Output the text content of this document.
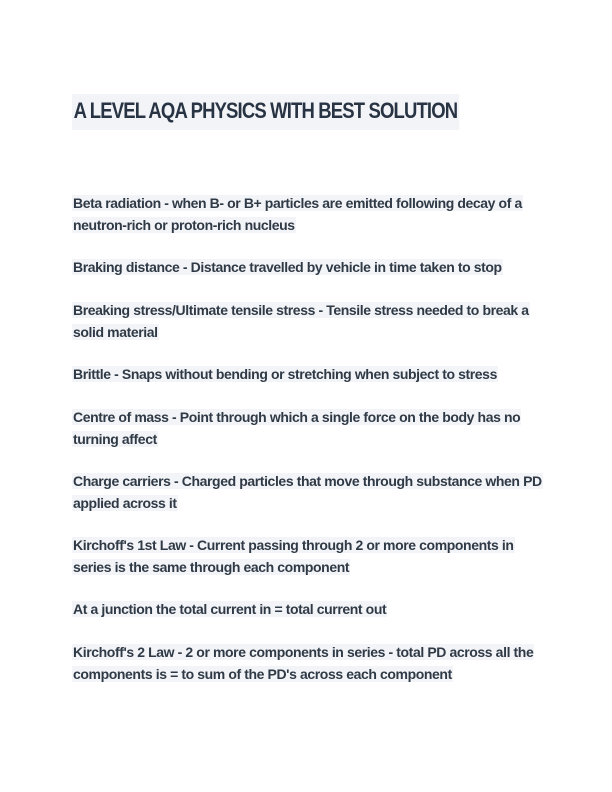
A LEVEL AQA PHYSICS WITH BEST SOLUTION

Beta radiation - when B- or B+ particles are emitted following decay of a neutron-rich or proton-rich nucleus

Braking distance - Distance travelled by vehicle in time taken to stop

Breaking stress/Ultimate tensile stress - Tensile stress needed to break a solid material

Brittle - Snaps without bending or stretching when subject to stress

Centre of mass - Point through which a single force on the body has no turning affect

Charge carriers - Charged particles that move through substance when PD applied across it

Kirchoff's 1st Law - Current passing through 2 or more components in series is the same through each component

At a junction the total current in = total current out

Kirchoff's 2 Law - 2 or more components in series - total PD across all the components is = to sum of the PD's across each component
